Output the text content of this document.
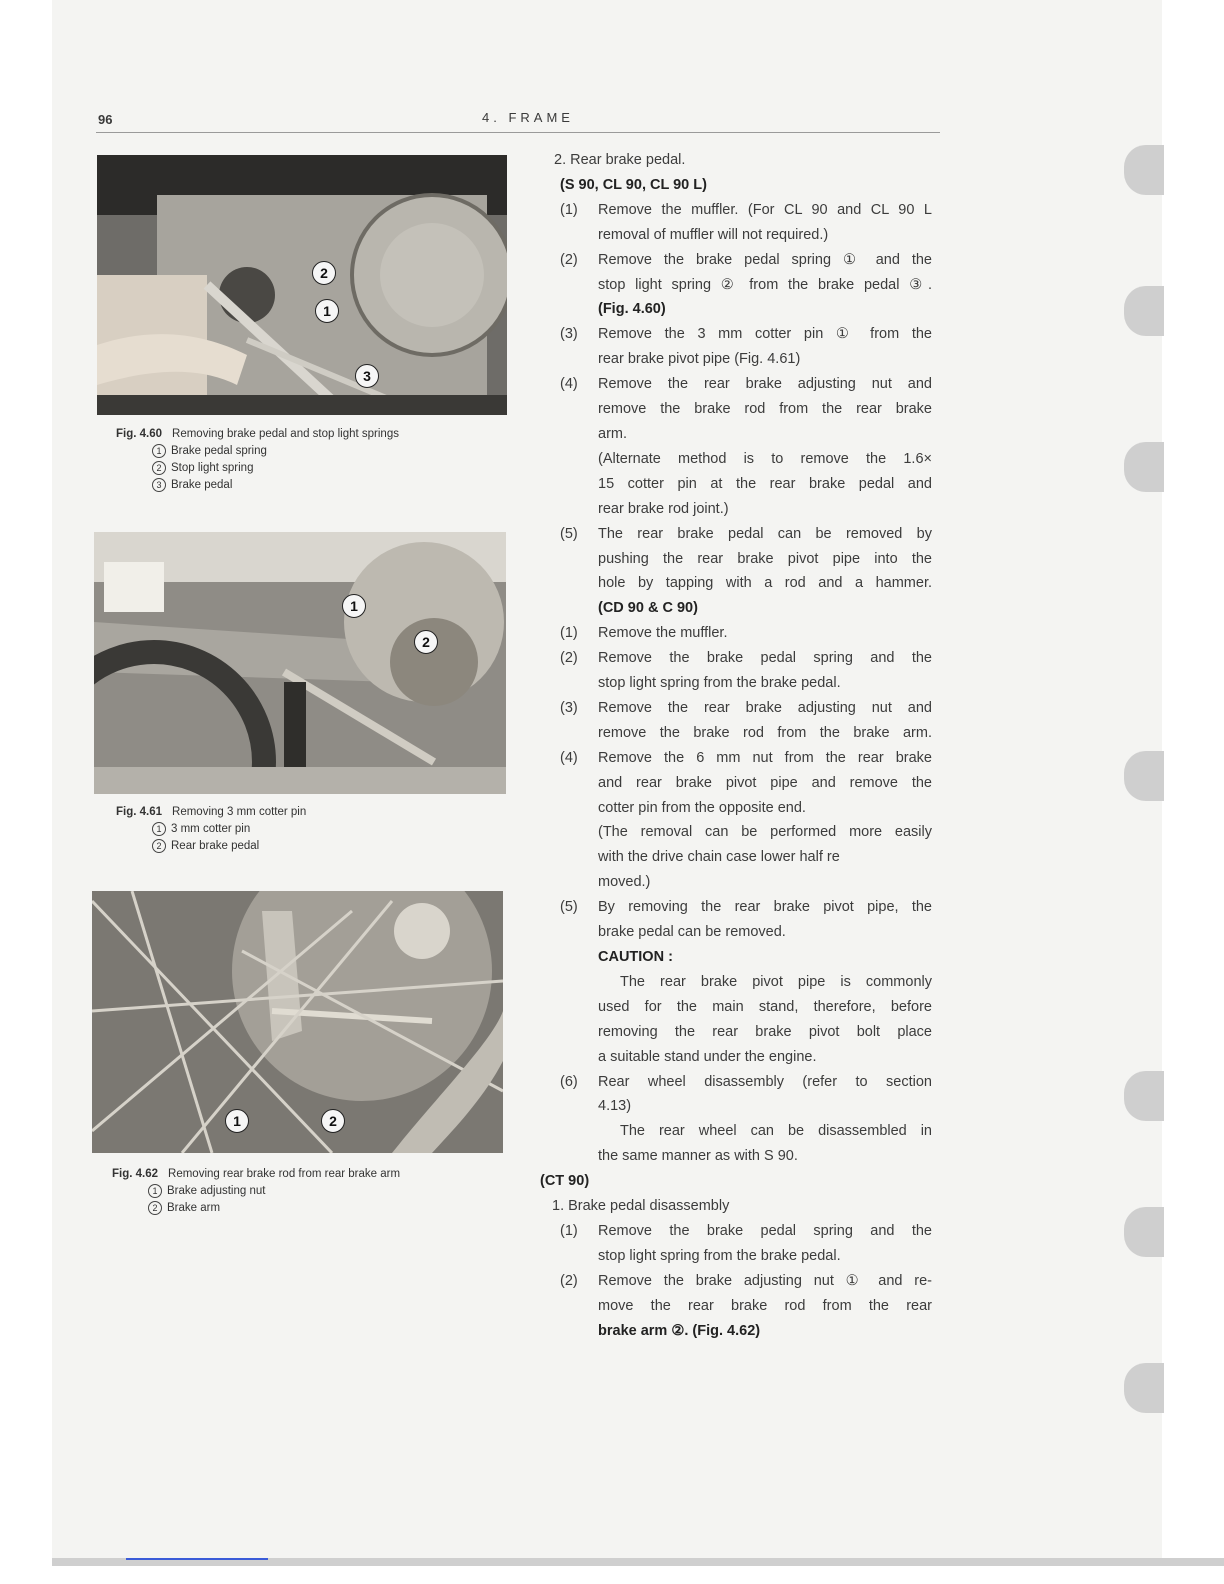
96	4. FRAME
2
1
3
Fig. 4.60 Removing brake pedal and stop light springs
1 Brake pedal spring
2 Stop light spring
3 Brake pedal
1
2
Fig. 4.61 Removing 3 mm cotter pin
1 3 mm cotter pin
2 Rear brake pedal
1	2
Fig. 4.62 Removing rear brake rod from rear brake arm
1 Brake adjusting nut
2 Brake arm
2. Rear brake pedal.
(S 90, CL 90, CL 90 L)
(1)	Remove the muffler. (For CL 90 and CL 90 L
removal of muffler will not required.)
(2)	Remove the brake pedal spring ① and the
stop light spring ② from the brake pedal ③.
(Fig. 4.60)
(3)	Remove the 3 mm cotter pin ① from the
rear brake pivot pipe (Fig. 4.61)
(4)	Remove the rear brake adjusting nut and
remove the brake rod from the rear brake
arm.
(Alternate method is to remove the 1.6×
15 cotter pin at the rear brake pedal and
rear brake rod joint.)
(5)	The rear brake pedal can be removed by
pushing the rear brake pivot pipe into the
hole by tapping with a rod and a hammer.
(CD 90 & C 90)
(1)	Remove the muffler.
(2)	Remove the brake pedal spring and the
stop light spring from the brake pedal.
(3)	Remove the rear brake adjusting nut and
remove the brake rod from the brake arm.
(4)	Remove the 6 mm nut from the rear brake
and rear brake pivot pipe and remove the
cotter pin from the opposite end.
(The removal can be performed more easily
with the drive chain case lower half re
moved.)
(5)	By removing the rear brake pivot pipe, the
brake pedal can be removed.
CAUTION :
The rear brake pivot pipe is commonly
used for the main stand, therefore, before
removing the rear brake pivot bolt place
a suitable stand under the engine.
(6)	Rear wheel disassembly (refer to section
4.13)
The rear wheel can be disassembled in
the same manner as with S 90.
(CT 90)
1. Brake pedal disassembly
(1)	Remove the brake pedal spring and the
stop light spring from the brake pedal.
(2)	Remove the brake adjusting nut ① and re-
move the rear brake rod from the rear
brake arm ②. (Fig. 4.62)
